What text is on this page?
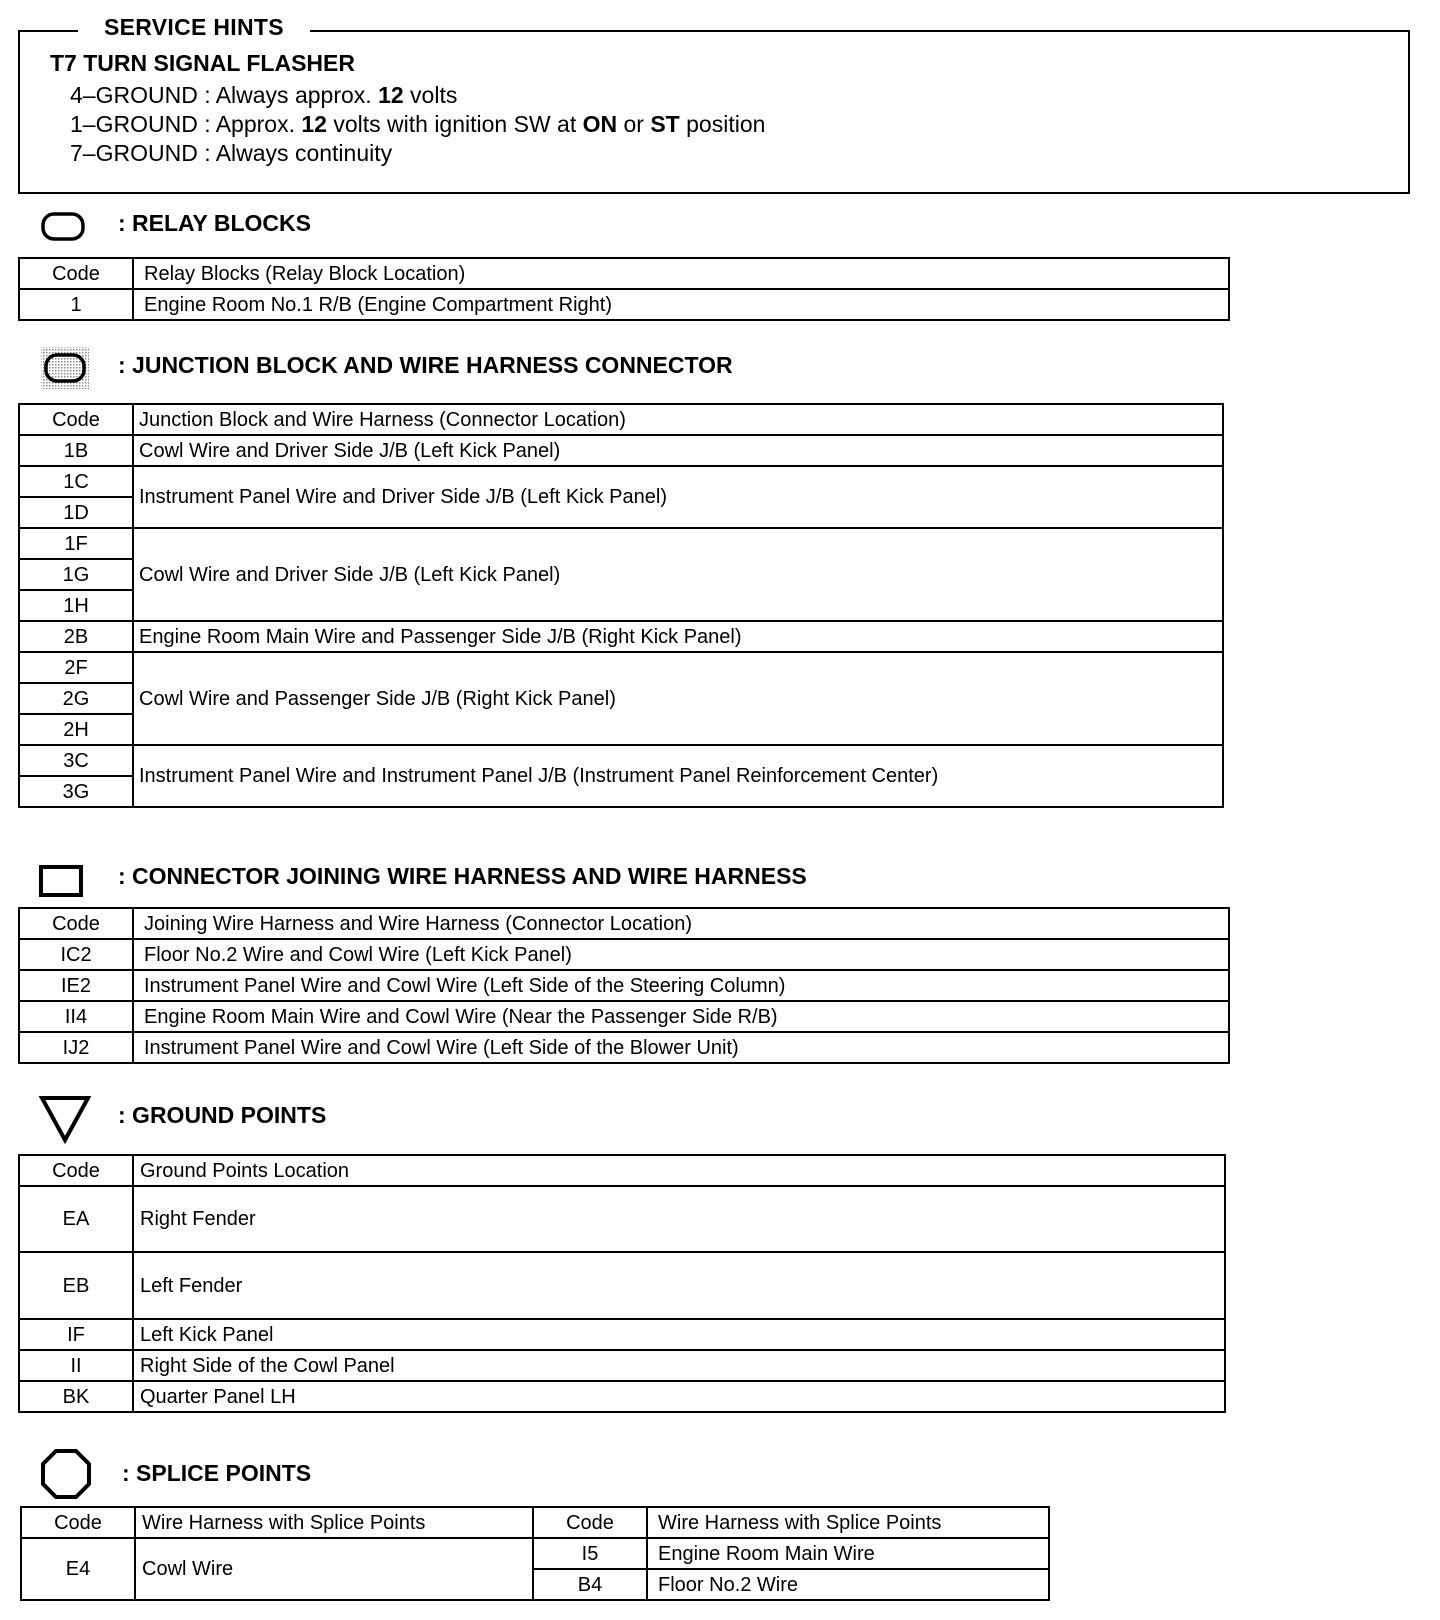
SERVICE HINTS
T7 TURN SIGNAL FLASHER
4–GROUND : Always approx. 12 volts
1–GROUND : Approx. 12 volts with ignition SW at ON or ST position
7–GROUND : Always continuity
: RELAY BLOCKS
Code	Relay Blocks (Relay Block Location)
1	Engine Room No.1 R/B (Engine Compartment Right)
: JUNCTION BLOCK AND WIRE HARNESS CONNECTOR
Code	Junction Block and Wire Harness (Connector Location)
1B	Cowl Wire and Driver Side J/B (Left Kick Panel)
1C	Instrument Panel Wire and Driver Side J/B (Left Kick Panel)
1D	
1F	Cowl Wire and Driver Side J/B (Left Kick Panel)
1G	
1H	
2B	Engine Room Main Wire and Passenger Side J/B (Right Kick Panel)
2F	Cowl Wire and Passenger Side J/B (Right Kick Panel)
2G	
2H	
3C	Instrument Panel Wire and Instrument Panel J/B (Instrument Panel Reinforcement Center)
3G	
: CONNECTOR JOINING WIRE HARNESS AND WIRE HARNESS
Code	Joining Wire Harness and Wire Harness (Connector Location)
IC2	Floor No.2 Wire and Cowl Wire (Left Kick Panel)
IE2	Instrument Panel Wire and Cowl Wire (Left Side of the Steering Column)
II4	Engine Room Main Wire and Cowl Wire (Near the Passenger Side R/B)
IJ2	Instrument Panel Wire and Cowl Wire (Left Side of the Blower Unit)
: GROUND POINTS
Code	Ground Points Location
EA	Right Fender
EB	Left Fender
IF	Left Kick Panel
II	Right Side of the Cowl Panel
BK	Quarter Panel LH
: SPLICE POINTS
Code	Wire Harness with Splice Points	Code	Wire Harness with Splice Points
E4	Cowl Wire	I5	Engine Room Main Wire
		B4	Floor No.2 Wire
